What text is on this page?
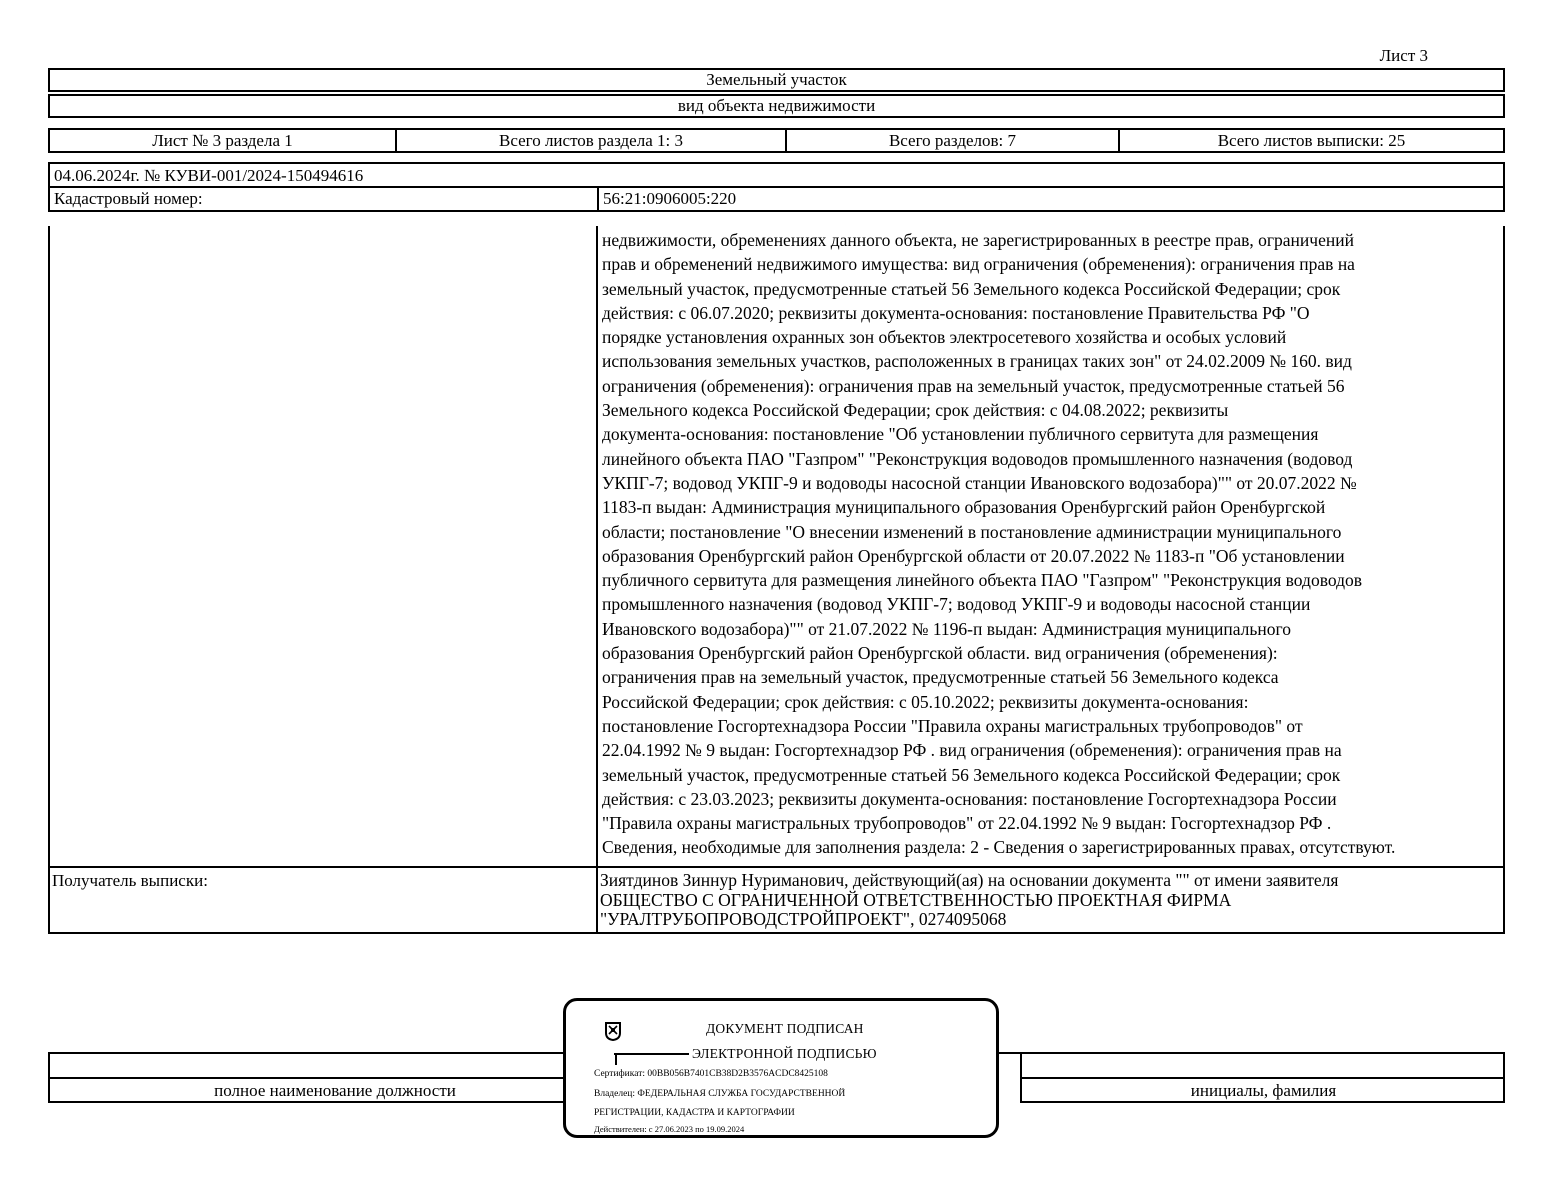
Лист 3
Земельный участок
вид объекта недвижимости
Лист № 3 раздела 1	Всего листов раздела 1: 3	Всего разделов: 7	Всего листов выписки: 25
04.06.2024г. № КУВИ-001/2024-150494616
Кадастровый номер:	56:21:0906005:220
недвижимости, обременениях данного объекта, не зарегистрированных в реестре прав, ограничений
прав и обременений недвижимого имущества: вид ограничения (обременения): ограничения прав на
земельный участок, предусмотренные статьей 56 Земельного кодекса Российской Федерации; срок
действия: с 06.07.2020; реквизиты документа-основания: постановление Правительства РФ "О
порядке установления охранных зон объектов электросетевого хозяйства и особых условий
использования земельных участков, расположенных в границах таких зон" от 24.02.2009 № 160. вид
ограничения (обременения): ограничения прав на земельный участок, предусмотренные статьей 56
Земельного кодекса Российской Федерации; срок действия: с 04.08.2022; реквизиты
документа-основания: постановление "Об установлении публичного сервитута для размещения
линейного объекта ПАО "Газпром" "Реконструкция водоводов промышленного назначения (водовод
УКПГ-7; водовод УКПГ-9 и водоводы насосной станции Ивановского водозабора)"" от 20.07.2022 №
1183-п выдан: Администрация муниципального образования Оренбургский район Оренбургской
области; постановление "О внесении изменений в постановление администрации муниципального
образования Оренбургский район Оренбургской области от 20.07.2022 № 1183-п "Об установлении
публичного сервитута для размещения линейного объекта ПАО "Газпром" "Реконструкция водоводов
промышленного назначения (водовод УКПГ-7; водовод УКПГ-9 и водоводы насосной станции
Ивановского водозабора)"" от 21.07.2022 № 1196-п выдан: Администрация муниципального
образования Оренбургский район Оренбургской области. вид ограничения (обременения):
ограничения прав на земельный участок, предусмотренные статьей 56 Земельного кодекса
Российской Федерации; срок действия: с 05.10.2022; реквизиты документа-основания:
постановление Госгортехнадзора России "Правила охраны магистральных трубопроводов" от
22.04.1992 № 9 выдан: Госгортехнадзор РФ . вид ограничения (обременения): ограничения прав на
земельный участок, предусмотренные статьей 56 Земельного кодекса Российской Федерации; срок
действия: с 23.03.2023; реквизиты документа-основания: постановление Госгортехнадзора России
"Правила охраны магистральных трубопроводов" от 22.04.1992 № 9 выдан: Госгортехнадзор РФ .
Сведения, необходимые для заполнения раздела: 2 - Сведения о зарегистрированных правах, отсутствуют.
Получатель выписки:	Зиятдинов Зиннур Нуриманович, действующий(ая) на основании документа "" от имени заявителя
ОБЩЕСТВО С ОГРАНИЧЕННОЙ ОТВЕТСТВЕННОСТЬЮ ПРОЕКТНАЯ ФИРМА
"УРАЛТРУБОПРОВОДСТРОЙПРОЕКТ", 0274095068
полное наименование должности	инициалы, фамилия
ДОКУМЕНТ ПОДПИСАН
ЭЛЕКТРОННОЙ ПОДПИСЬЮ
Сертификат: 00BB056B7401CB38D2B3576ACDC8425108
Владелец: ФЕДЕРАЛЬНАЯ СЛУЖБА ГОСУДАРСТВЕННОЙ
РЕГИСТРАЦИИ, КАДАСТРА И КАРТОГРАФИИ
Действителен: с 27.06.2023 по 19.09.2024
